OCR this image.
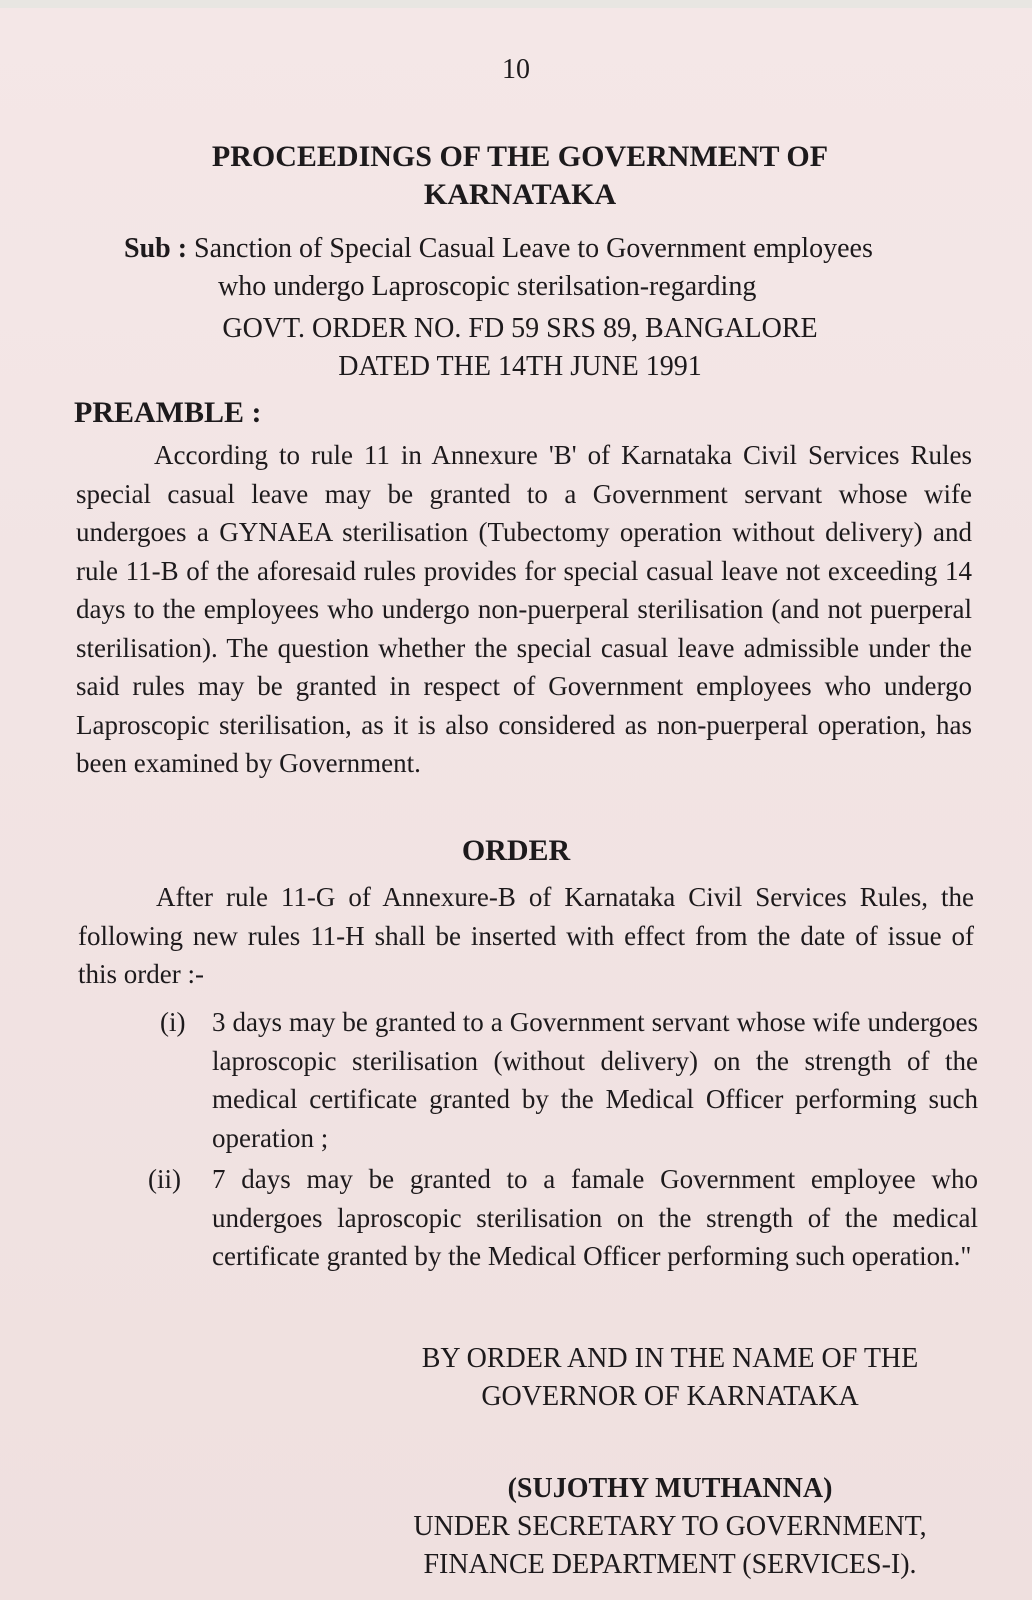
10
PROCEEDINGS OF THE GOVERNMENT OF
KARNATAKA
Sub : Sanction of Special Casual Leave to Government employees
who undergo Laproscopic sterilsation-regarding
GOVT. ORDER NO. FD 59 SRS 89, BANGALORE
DATED THE 14TH JUNE 1991
PREAMBLE :
According to rule 11 in Annexure 'B' of Karnataka Civil Services Rules special casual leave may be granted to a Government servant whose wife undergoes a GYNAEA sterilisation (Tubectomy operation without delivery) and rule 11-B of the aforesaid rules provides for special casual leave not exceeding 14 days to the employees who undergo non-puerperal sterilisation (and not puerperal sterilisation). The question whether the special casual leave admissible under the said rules may be granted in respect of Government employees who undergo Laproscopic sterilisation, as it is also considered as non-puerperal operation, has been examined by Government.
ORDER
After rule 11-G of Annexure-B of Karnataka Civil Services Rules, the following new rules 11-H shall be inserted with effect from the date of issue of this order :-
(i) 3 days may be granted to a Government servant whose wife undergoes laproscopic sterilisation (without delivery) on the strength of the medical certificate granted by the Medical Officer performing such operation ;
(ii) 7 days may be granted to a famale Government employee who undergoes laproscopic sterilisation on the strength of the medical certificate granted by the Medical Officer performing such operation."
BY ORDER AND IN THE NAME OF THE
GOVERNOR OF KARNATAKA
(SUJOTHY MUTHANNA)
UNDER SECRETARY TO GOVERNMENT,
FINANCE DEPARTMENT (SERVICES-I).
